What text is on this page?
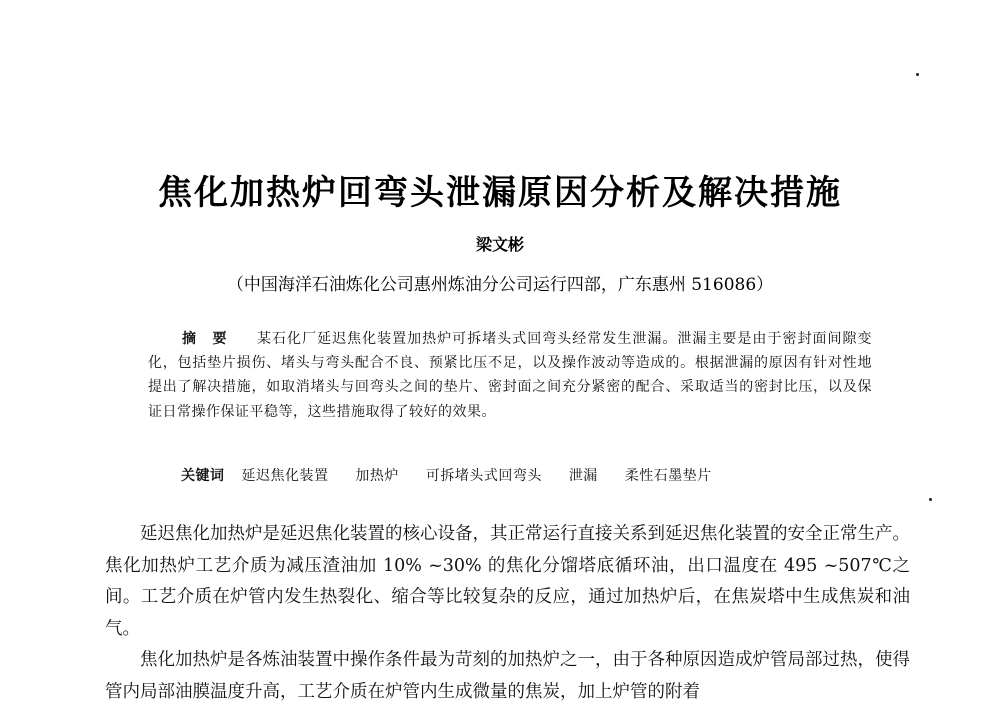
焦化加热炉回弯头泄漏原因分析及解决措施
梁文彬
（中国海洋石油炼化公司惠州炼油分公司运行四部，广东惠州 516086）
摘要 某石化厂延迟焦化装置加热炉可拆堵头式回弯头经常发生泄漏。泄漏主要是由于密封面间隙变化，包括垫片损伤、堵头与弯头配合不良、预紧比压不足，以及操作波动等造成的。根据泄漏的原因有针对性地提出了解决措施，如取消堵头与回弯头之间的垫片、密封面之间充分紧密的配合、采取适当的密封比压，以及保证日常操作保证平稳等，这些措施取得了较好的效果。
关键词 延迟焦化装置 加热炉 可拆堵头式回弯头 泄漏 柔性石墨垫片

延迟焦化加热炉是延迟焦化装置的核心设备，其正常运行直接关系到延迟焦化装置的安全正常生产。焦化加热炉工艺介质为减压渣油加 10% ~30% 的焦化分馏塔底循环油，出口温度在 495 ~507℃之间。工艺介质在炉管内发生热裂化、缩合等比较复杂的反应，通过加热炉后，在焦炭塔中生成焦炭和油气。

焦化加热炉是各炼油装置中操作条件最为苛刻的加热炉之一，由于各种原因造成炉管局部过热，使得管内局部油膜温度升高，工艺介质在炉管内生成微量的焦炭，加上炉管的附着
